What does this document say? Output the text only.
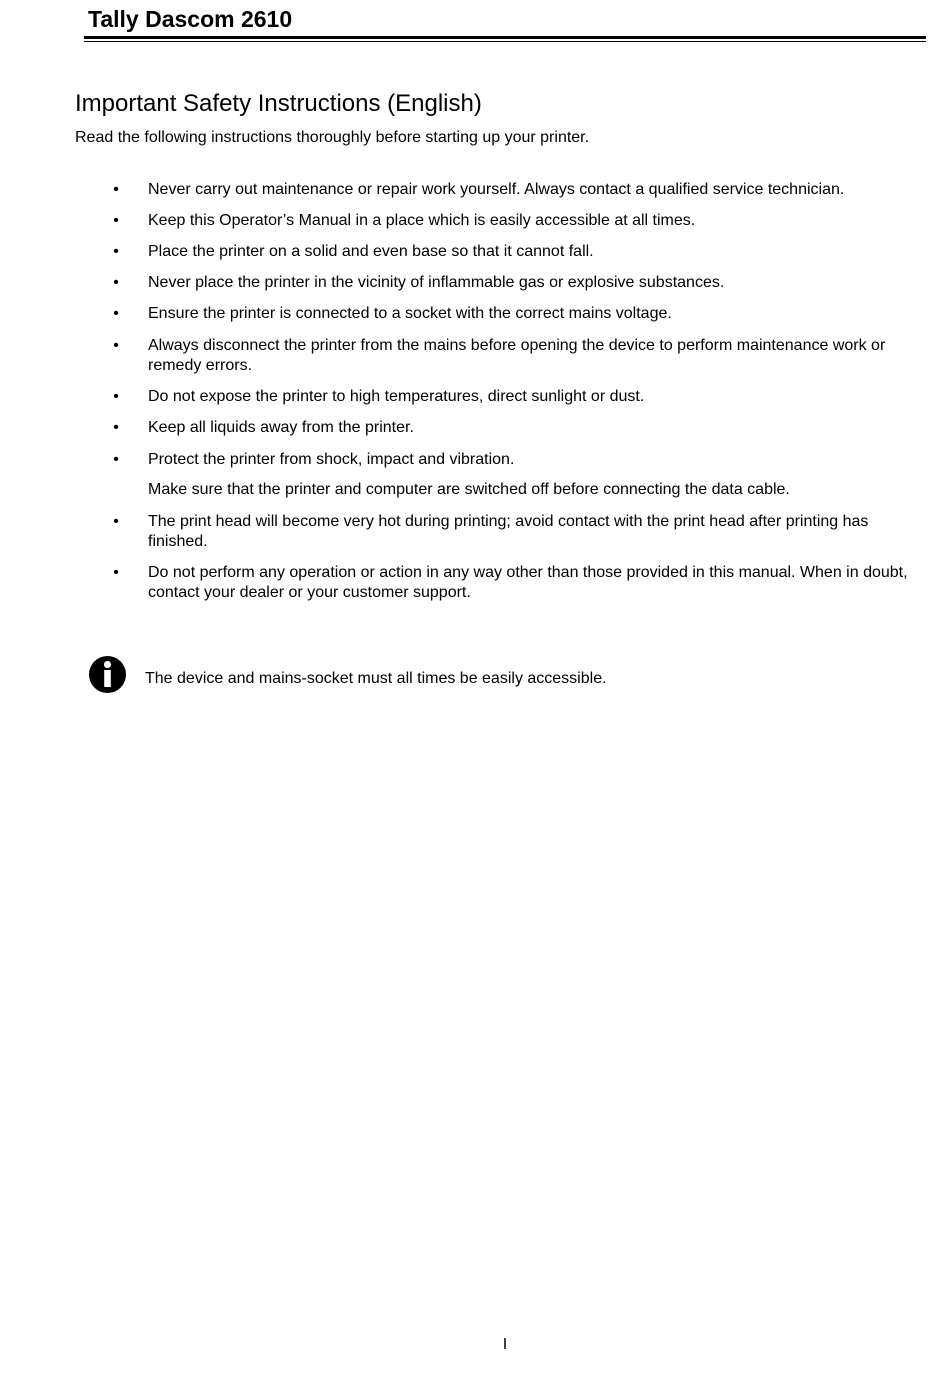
Tally Dascom 2610
Important Safety Instructions (English)
Read the following instructions thoroughly before starting up your printer.
• Never carry out maintenance or repair work yourself. Always contact a qualified service technician.
• Keep this Operator’s Manual in a place which is easily accessible at all times.
• Place the printer on a solid and even base so that it cannot fall.
• Never place the printer in the vicinity of inflammable gas or explosive substances.
• Ensure the printer is connected to a socket with the correct mains voltage.
• Always disconnect the printer from the mains before opening the device to perform maintenance work or remedy errors.
• Do not expose the printer to high temperatures, direct sunlight or dust.
• Keep all liquids away from the printer.
• Protect the printer from shock, impact and vibration.
Make sure that the printer and computer are switched off before connecting the data cable.
• The print head will become very hot during printing; avoid contact with the print head after printing has finished.
• Do not perform any operation or action in any way other than those provided in this manual. When in doubt, contact your dealer or your customer support.
The device and mains-socket must all times be easily accessible.
I
